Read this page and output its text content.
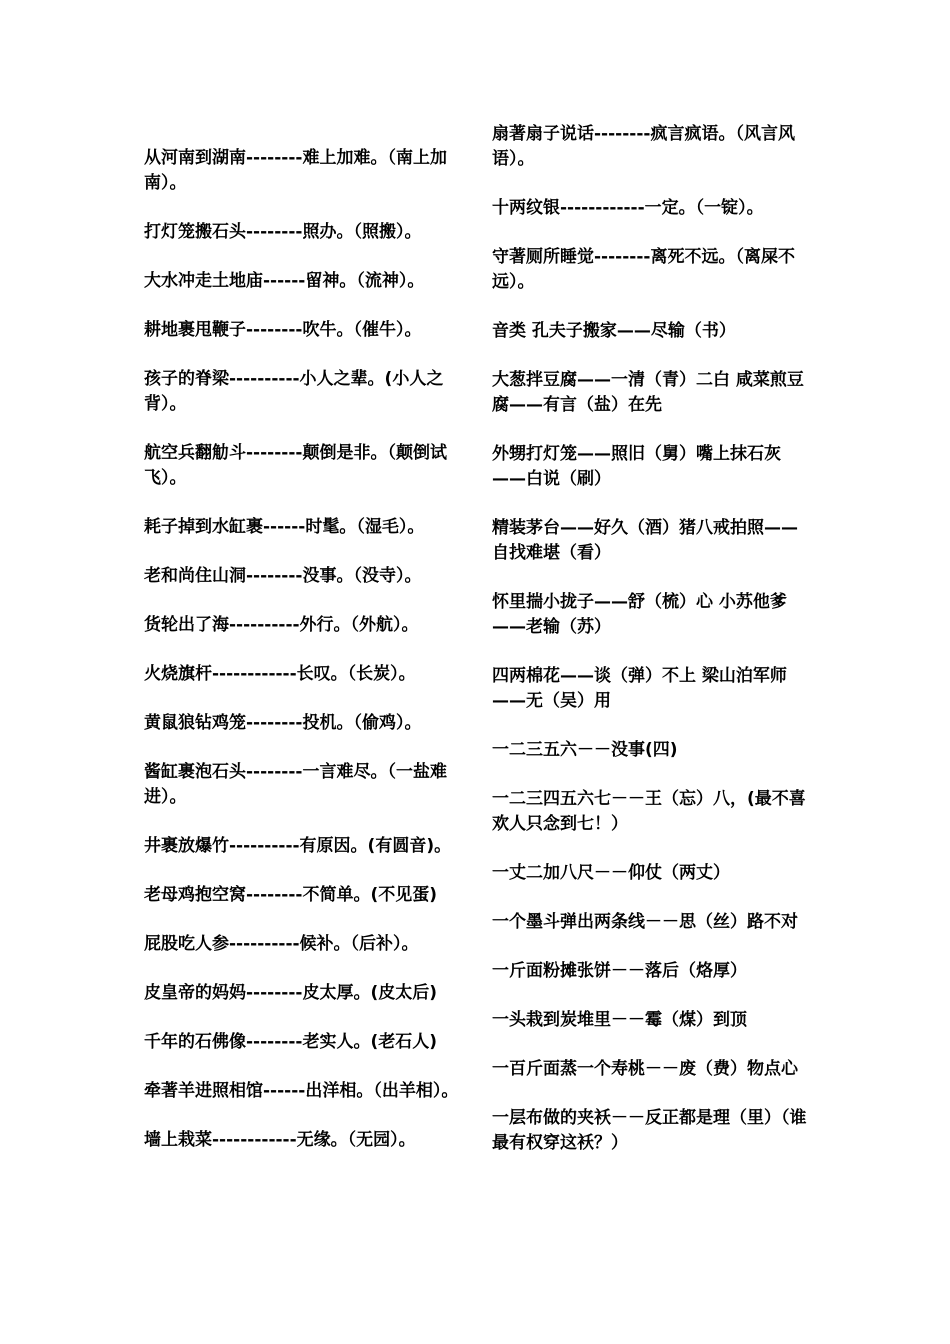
从河南到湖南--------难上加难。（南上加南）。

打灯笼搬石头--------照办。（照搬）。

大水冲走土地庙------留神。（流神）。

耕地裹甩鞭子--------吹牛。（催牛）。

孩子的脊梁----------小人之辈。(小人之背）。

航空兵翻觔斗--------颠倒是非。（颠倒试飞）。

耗子掉到水缸裹------时髦。（湿毛）。

老和尚住山洞--------没事。（没寺）。

货轮出了海----------外行。（外航）。

火烧旗杆------------长叹。（长炭）。

黄鼠狼钻鸡笼--------投机。（偷鸡）。

酱缸裹泡石头--------一言难尽。（一盐难进）。

井裹放爆竹----------有原因。(有圆音)。

老母鸡抱空窝--------不简单。(不见蛋)

屁股吃人参----------候补。（后补）。

皮皇帝的妈妈--------皮太厚。(皮太后)

千年的石佛像--------老实人。(老石人)

牵著羊进照相馆------出洋相。（出羊相）。

墙上栽菜------------无缘。（无园）。

扇著扇子说话--------疯言疯语。（风言风语）。

十两纹银------------一定。（一锭）。

守著厕所睡觉--------离死不远。（离屎不远）。

音类 孔夫子搬家——尽输（书）

大葱拌豆腐——一清（青）二白 咸菜煎豆腐——有言（盐）在先

外甥打灯笼——照旧（舅）嘴上抹石灰——白说（刷）

精装茅台——好久（酒）猪八戒拍照——自找难堪（看）

怀里揣小拢子——舒（梳）心 小苏他爹——老输（苏）

四两棉花——谈（弹）不上 梁山泊军师——无（吴）用

一二三五六－－没事(四)

一二三四五六七－－王（忘）八，(最不喜欢人只念到七！）

一丈二加八尺－－仰仗（两丈）

一个墨斗弹出两条线－－思（丝）路不对

一斤面粉摊张饼－－落后（烙厚）

一头栽到炭堆里－－霉（煤）到顶

一百斤面蒸一个寿桃－－废（费）物点心

一层布做的夹袄－－反正都是理（里）（谁最有权穿这袄？）
